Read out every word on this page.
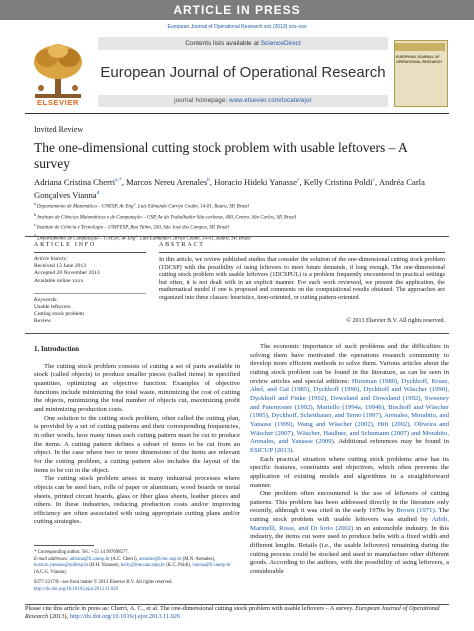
ARTICLE IN PRESS
European Journal of Operational Research xxx (2013) xxx–xxx
ELSEVIER
Contents lists available at ScienceDirect
European Journal of Operational Research
journal homepage: www.elsevier.com/locate/ejor
EUROPEAN JOURNAL OF OPERATIONAL RESEARCH
Invited Review
The one-dimensional cutting stock problem with usable leftovers – A survey
Adriana Cristina Cherri$^{a,*}$, Marcos Nereu Arenales$^b$, Horacio Hideki Yanasse$^c$, Kelly Cristina Poldi$^c$, Andréa Carla Gonçalves Vianna$^d$

$^a$ Departamento de Matemática – UNESP, Av Eng°. Luiz Edmundo Carrijo Coube, 14-01, Bauru, SP, Brazil

$^b$ Instituto de Ciências Matemáticas e de Computação – USP, Av do Trabalhador São-carlense, 400, Centro, São Carlos, SP, Brazil

$^c$ Instituto de Ciência e Tecnologia – UNIFESP, Rua Talim, 330, São José dos Campos, SP, Brazil

$^d$ Departamento de Computação – UNESP, Av Eng°. Luiz Edmundo Carrijo Coube, 14-01, Bauru, SP, Brazil

ARTICLE INFO
Article history:
Received 13 June 2013
Accepted 20 November 2013
Available online xxxx
Keywords:
Usable leftovers
Cutting stock problem
Review
ABSTRACT
In this article, we review published studies that consider the solution of the one-dimensional cutting stock problem (1DCSP) with the possibility of using leftovers to meet future demands, if long enough. The one-dimensional cutting stock problem with usable leftovers (1DCSPUL) is a problem frequently encountered in practical settings but often, it is not dealt with in an explicit manner. For each work reviewed, we present the application, the mathematical model if one is proposed and comments on the computational results obtained. The approaches are organized into three classes: heuristics, item-oriented, or cutting pattern-oriented.
© 2013 Elsevier B.V. All rights reserved.
1. Introduction

The cutting stock problem consists of cutting a set of parts available in stock (called objects) to produce smaller pieces (called items) in specified quantities, optimizing an objective function. Examples of objective functions include minimizing the total waste, minimizing the cost of cutting the objects, minimizing the total number of objects cut, maximizing profit and minimizing production costs.

One solution to the cutting stock problem, often called the cutting plan, is provided by a set of cutting patterns and their corresponding frequencies, in other words, how many times each cutting pattern must be cut to produce the items. A cutting pattern defines a subset of items to be cut from an object. In the case where two or more dimensions of the items are relevant for the cutting problem, a cutting pattern also includes the layout of the items to be cut in the object.

The cutting stock problem arises in many industrial processes where objects can be steel bars, rolls of paper or aluminum, wood boards or metal sheets, printed circuit boards, glass or fiber glass sheets, leather pieces and others. In these industries, reducing production costs and/or improving efficiency are often associated with using appropriate cutting plans and/or cutting strategies.

The economic importance of such problems and the difficulties in solving them have motivated the operations research community to develop more efficient methods to solve them. Various articles about the cutting stock problem can be found in the literature, as can be seen in review articles and special editions: Hinxman (1980), Dyckhoff, Kruse, Abel, and Gal (1985), Dyckhoff (1990), Dyckhoff and Wäscher (1990), Dyckhoff and Finke (1992), Dowsland and Dowsland (1992), Sweeney and Paternoster (1992), Martello (1994a, 1994b), Bischoff and Wäscher (1995), Dyckhoff, Scheithauer, and Terno (1997), Arenales, Morabito, and Yanasse (1999), Wang and Wäscher (2002), Hifi (2002), Oliveira and Wäscher (2007), Wäscher, Haußner, and Schumann (2007) and Morabito, Arenales, and Yanasse (2009). Additional references may be found in ESICUP (2013).

Each practical situation where cutting stock problems arise has its specific features, constraints and objectives, which often prevents the application of existing models and algorithms in a straightforward manner.

One problem often encountered is the use of leftovers of cutting patterns. This problem has been addressed directly in the literature only recently, although it was cited in the early 1970s by Brown (1971). The cutting stock problem with usable leftovers was studied by Arbib, Marinelli, Rossi, and Di Iorio (2002) in an automobile industry. In this industry, the items cut were used to produce belts with a fixed width and different lengths. Retails (i.e., the usable leftovers) remaining during the cutting process could be stocked and used to manufacture other different goods. According to the authors, with the possibility of using leftovers, a considerable

* Corresponding author. Tel.: +55 14 997098577.
E-mail addresses: adriana@fc.unesp.br (A.C. Cherri), arenales@icmc.usp.br (M.N. Arenales), horacio.yanasse@unifesp.br (H.H. Yanasse), kelly@ime.unicamp.br (K.C. Poldi), vianna@fc.unesp.br (A.C.G. Vianna).
0377-2217/$ - see front matter © 2013 Elsevier B.V. All rights reserved.
http://dx.doi.org/10.1016/j.ejor.2013.11.026
Please cite this article in press as: Cherri, A. C., et al. The one-dimensional cutting stock problem with usable leftovers – A survey. European Journal of Operational Research (2013), http://dx.doi.org/10.1016/j.ejor.2013.11.026
